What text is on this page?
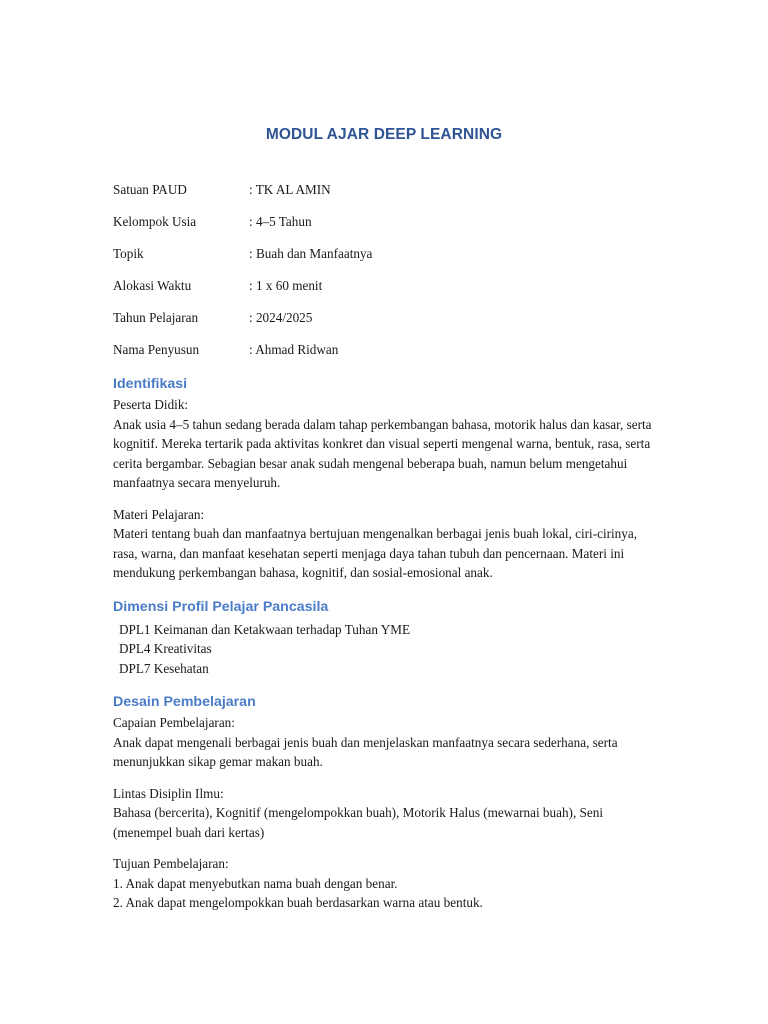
MODUL AJAR DEEP LEARNING
Satuan PAUD	: TK AL AMIN
Kelompok Usia	: 4–5 Tahun
Topik	: Buah dan Manfaatnya
Alokasi Waktu	: 1 x 60 menit
Tahun Pelajaran	: 2024/2025
Nama Penyusun	: Ahmad Ridwan
Identifikasi

Peserta Didik:

Anak usia 4–5 tahun sedang berada dalam tahap perkembangan bahasa, motorik halus dan kasar, serta kognitif. Mereka tertarik pada aktivitas konkret dan visual seperti mengenal warna, bentuk, rasa, serta cerita bergambar. Sebagian besar anak sudah mengenal beberapa buah, namun belum mengetahui manfaatnya secara menyeluruh.

Materi Pelajaran:

Materi tentang buah dan manfaatnya bertujuan mengenalkan berbagai jenis buah lokal, ciri-cirinya, rasa, warna, dan manfaat kesehatan seperti menjaga daya tahan tubuh dan pencernaan. Materi ini mendukung perkembangan bahasa, kognitif, dan sosial-emosional anak.

Dimensi Profil Pelajar Pancasila
DPL1 Keimanan dan Ketakwaan terhadap Tuhan YME
DPL4 Kreativitas
DPL7 Kesehatan
Desain Pembelajaran

Capaian Pembelajaran:

Anak dapat mengenali berbagai jenis buah dan menjelaskan manfaatnya secara sederhana, serta menunjukkan sikap gemar makan buah.

Lintas Disiplin Ilmu:

Bahasa (bercerita), Kognitif (mengelompokkan buah), Motorik Halus (mewarnai buah), Seni (menempel buah dari kertas)

Tujuan Pembelajaran:

1. Anak dapat menyebutkan nama buah dengan benar.

2. Anak dapat mengelompokkan buah berdasarkan warna atau bentuk.
